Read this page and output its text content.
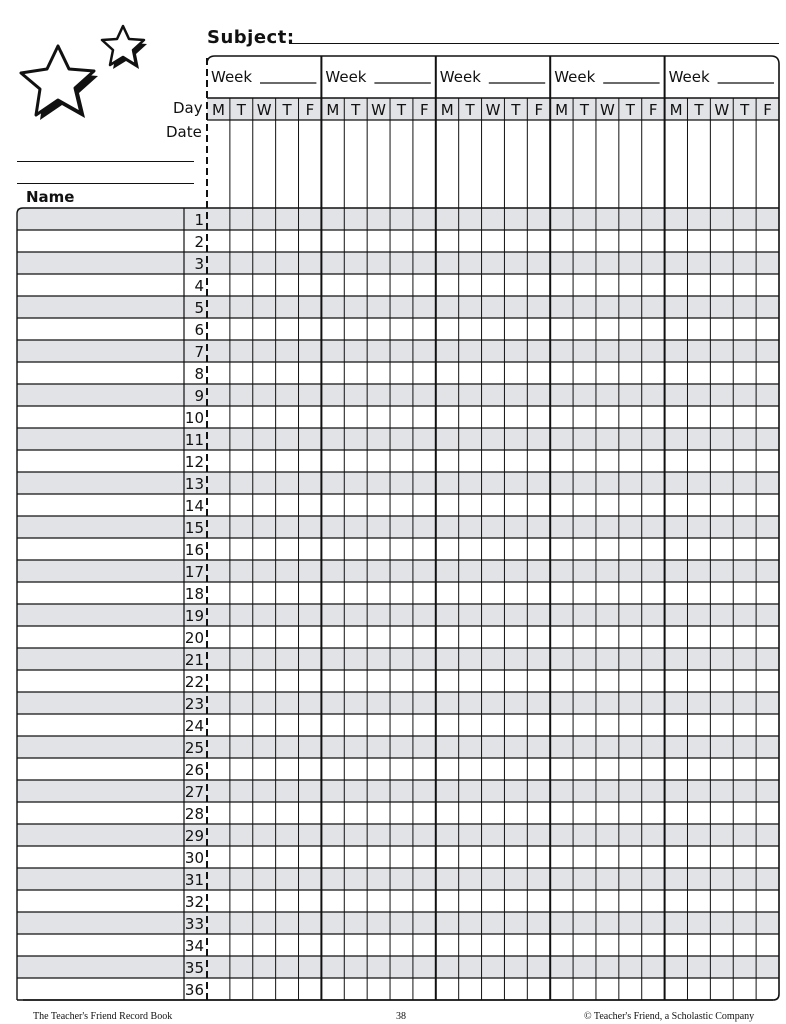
Subject:
Day
Date
Name
Week
M T W T F
Week
M T W T F
Week
M T W T F
Week
M T W T F
Week
M T W T F
1
2
3
4
5
6
7
8
9
10
11
12
13
14
15
16
17
18
19
20
21
22
23
24
25
26
27
28
29
30
31
32
33
34
35
36
The Teacher's Friend Record Book	38	© Teacher's Friend, a Scholastic Company
